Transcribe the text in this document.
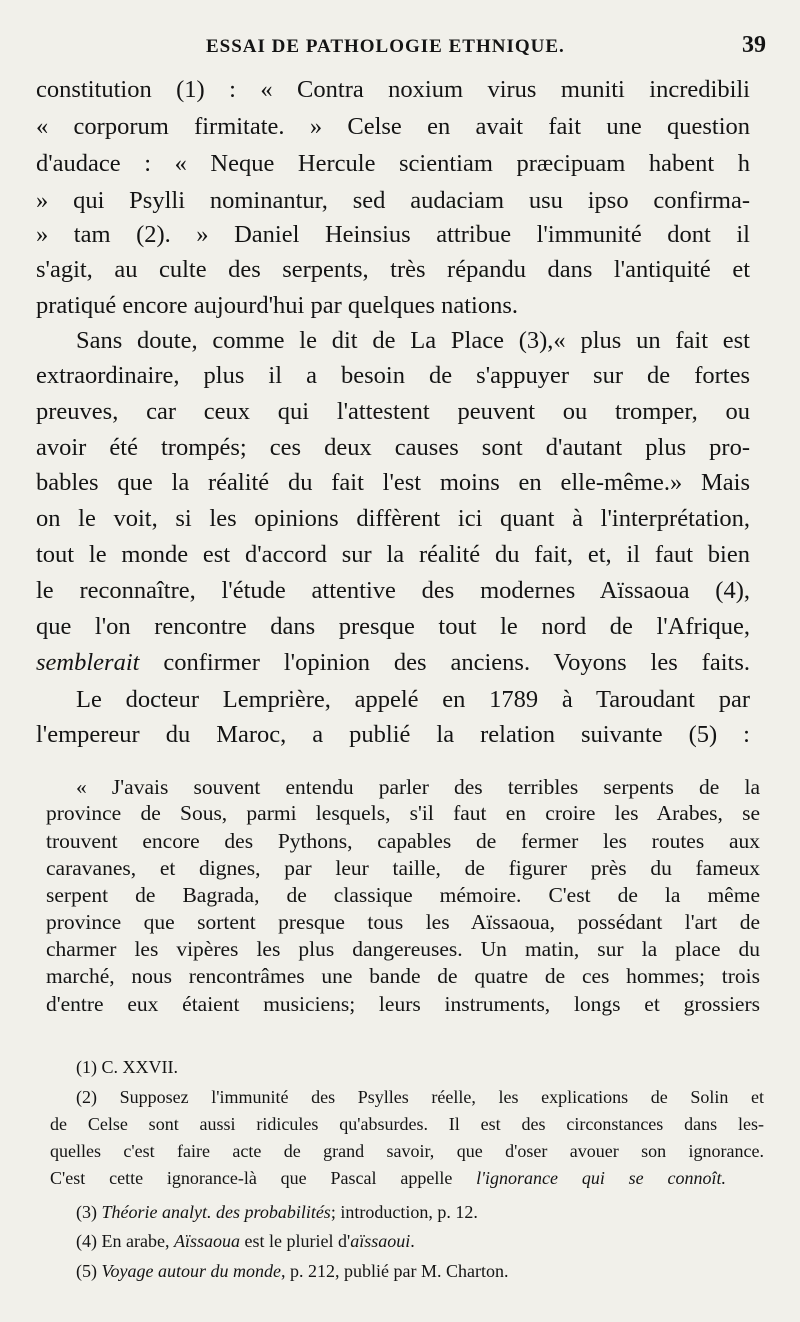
ESSAI DE PATHOLOGIE ETHNIQUE.	39
constitution (1) : « Contra noxium virus muniti incredibili
« corporum firmitate. » Celse en avait fait une question
d'audace : « Neque Hercule scientiam præcipuam habent h
» qui Psylli nominantur, sed audaciam usu ipso confirma-
» tam (2). » Daniel Heinsius attribue l'immunité dont il
s'agit, au culte des serpents, très répandu dans l'antiquité et
pratiqué encore aujourd'hui par quelques nations.
Sans doute, comme le dit de La Place (3),« plus un fait est
extraordinaire, plus il a besoin de s'appuyer sur de fortes
preuves, car ceux qui l'attestent peuvent ou tromper, ou
avoir été trompés; ces deux causes sont d'autant plus pro-
bables que la réalité du fait l'est moins en elle-même.» Mais
on le voit, si les opinions diffèrent ici quant à l'interprétation,
tout le monde est d'accord sur la réalité du fait, et, il faut bien
le reconnaître, l'étude attentive des modernes Aïssaoua (4),
que l'on rencontre dans presque tout le nord de l'Afrique,
semblerait confirmer l'opinion des anciens. Voyons les faits.
Le docteur Lemprière, appelé en 1789 à Taroudant par
l'empereur du Maroc, a publié la relation suivante (5) :
« J'avais souvent entendu parler des terribles serpents de la
province de Sous, parmi lesquels, s'il faut en croire les Arabes, se
trouvent encore des Pythons, capables de fermer les routes aux
caravanes, et dignes, par leur taille, de figurer près du fameux
serpent de Bagrada, de classique mémoire. C'est de la même
province que sortent presque tous les Aïssaoua, possédant l'art de
charmer les vipères les plus dangereuses. Un matin, sur la place du
marché, nous rencontrâmes une bande de quatre de ces hommes; trois
d'entre eux étaient musiciens; leurs instruments, longs et grossiers
(1) C. XXVII.
(2) Supposez l'immunité des Psylles réelle, les explications de Solin et
de Celse sont aussi ridicules qu'absurdes. Il est des circonstances dans les-
quelles c'est faire acte de grand savoir, que d'oser avouer son ignorance.
C'est cette ignorance-là que Pascal appelle l'ignorance qui se connoît.
(3) Théorie analyt. des probabilités; introduction, p. 12.
(4) En arabe, Aïssaoua est le pluriel d'aïssaoui.
(5) Voyage autour du monde, p. 212, publié par M. Charton.
